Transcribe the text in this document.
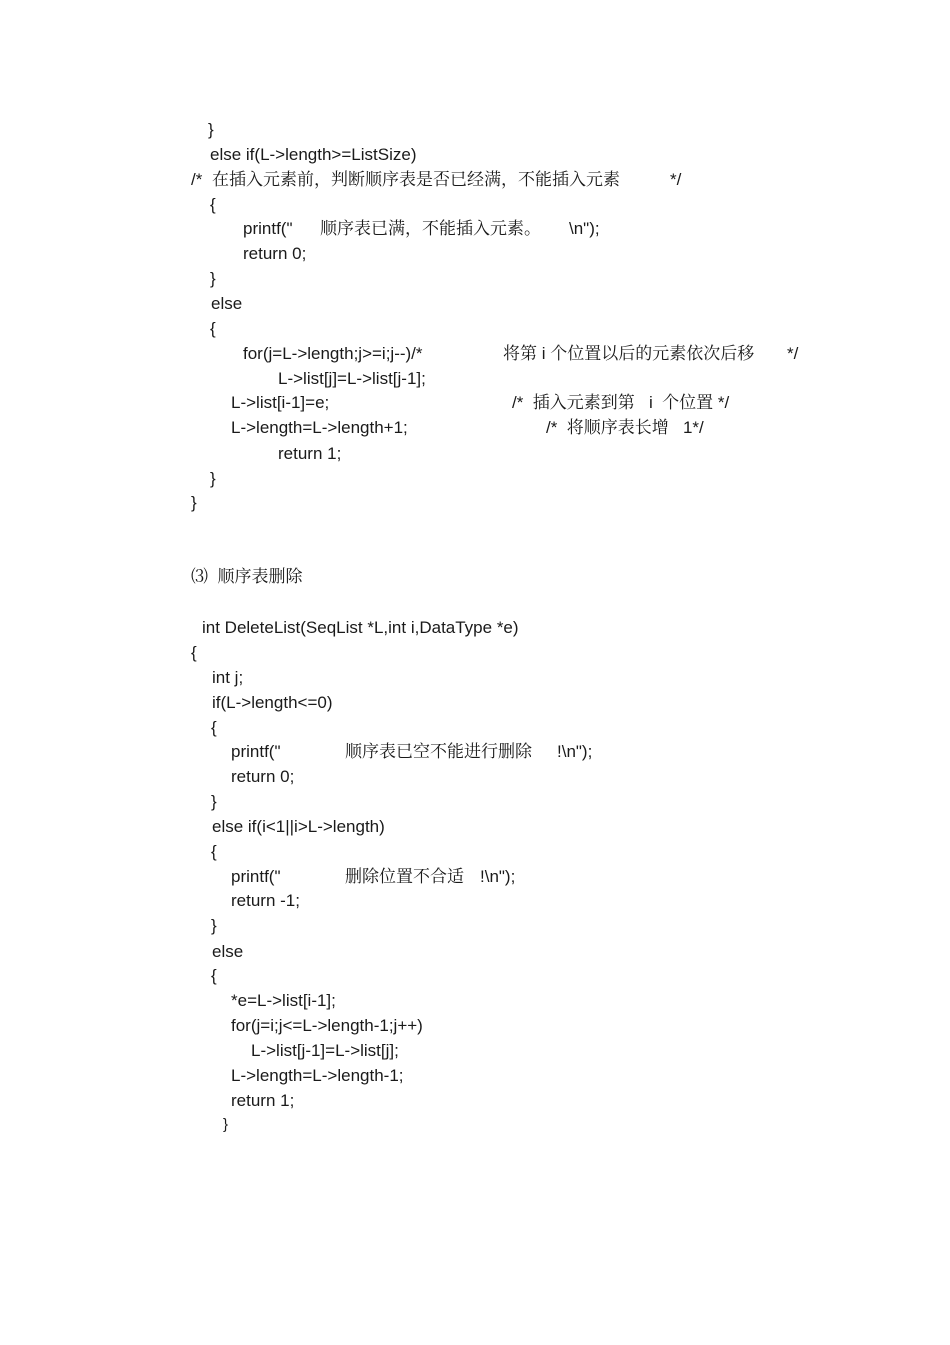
}
else if(L->length>=ListSize)
/* 在插入元素前，判断顺序表是否已经满，不能插入元素	*/
{
printf(" 顺序表已满，不能插入元素。 \n");
return 0;
}
else
{
for(j=L->length;j>=i;j--)/*	将第 i 个位置以后的元素依次后移 */
L->list[j]=L->list[j-1];
L->list[i-1]=e;	/*  插入元素到第   i  个位置 */
L->length=L->length+1;	/*  将顺序表长增   1*/
return 1;
}
}
⑶  顺序表删除
int DeleteList(SeqList *L,int i,DataType *e)
{
int j;
if(L->length<=0)
{
printf("	顺序表已空不能进行删除 !\n");
return 0;
}
else if(i<1||i>L->length)
{
printf("	删除位置不合适 !\n");
return -1;
}
else
{
*e=L->list[i-1];
for(j=i;j<=L->length-1;j++)
L->list[j-1]=L->list[j];
L->length=L->length-1;
return 1;
}
